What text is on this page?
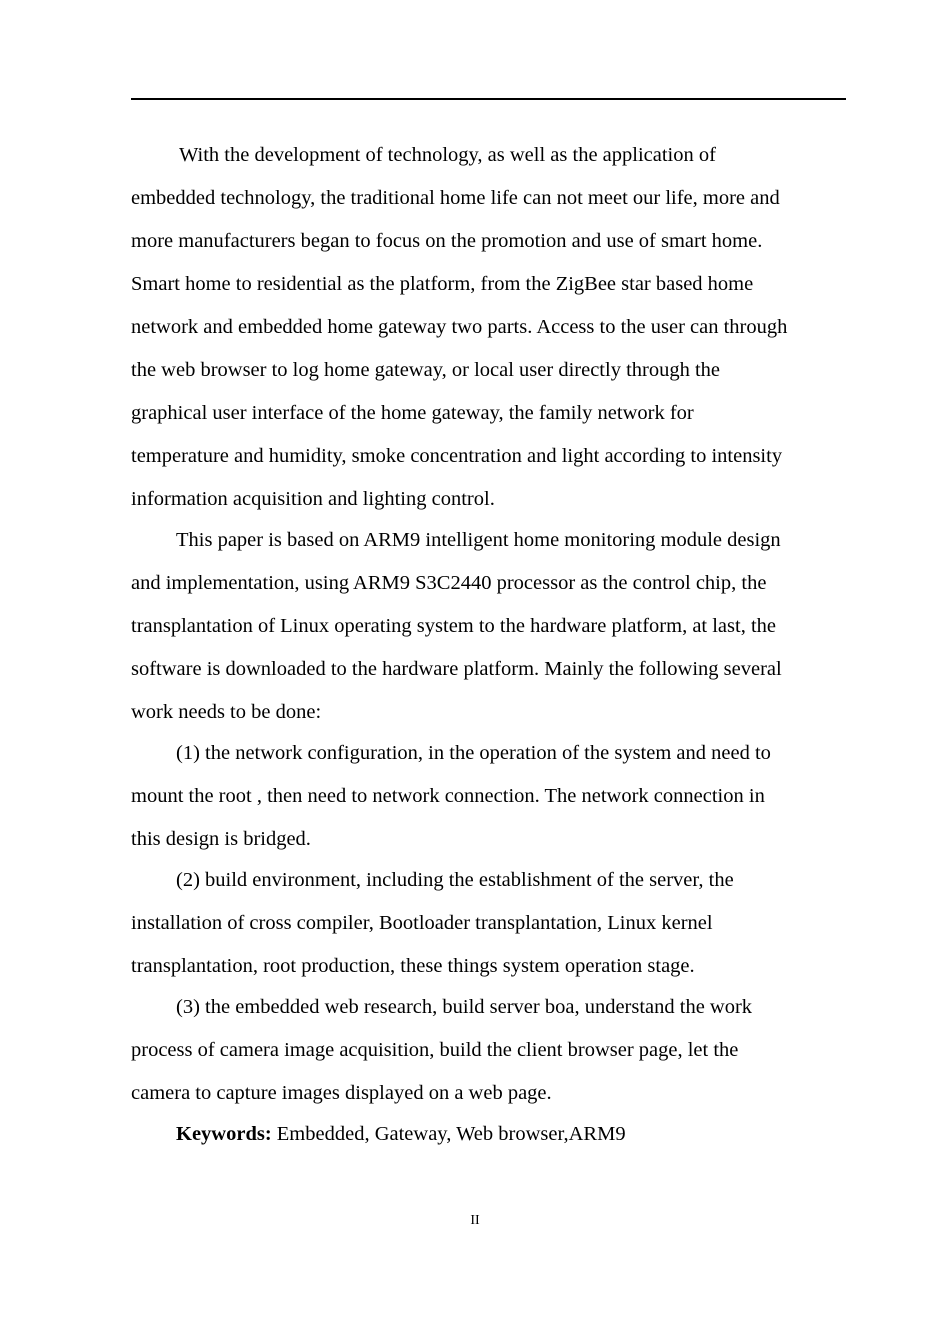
With the development of technology, as well as the application of
embedded technology, the traditional home life can not meet our life, more and
more manufacturers began to focus on the promotion and use of smart home.
Smart home to residential as the platform, from the ZigBee star based home
network and embedded home gateway two parts. Access to the user can through
the web browser to log home gateway, or local user directly through the
graphical user interface of the home gateway, the family network for
temperature and humidity, smoke concentration and light according to intensity
information acquisition and lighting control.
This paper is based on ARM9 intelligent home monitoring module design
and implementation, using ARM9 S3C2440 processor as the control chip, the
transplantation of Linux operating system to the hardware platform, at last, the
software is downloaded to the hardware platform. Mainly the following several
work needs to be done:
(1) the network configuration, in the operation of the system and need to
mount the root , then need to network connection. The network connection in
this design is bridged.
(2) build environment, including the establishment of the server, the
installation of cross compiler, Bootloader transplantation, Linux kernel
transplantation, root production, these things system operation stage.
(3) the embedded web research, build server boa, understand the work
process of camera image acquisition, build the client browser page, let the
camera to capture images displayed on a web page.
Keywords: Embedded, Gateway, Web browser,ARM9
II
